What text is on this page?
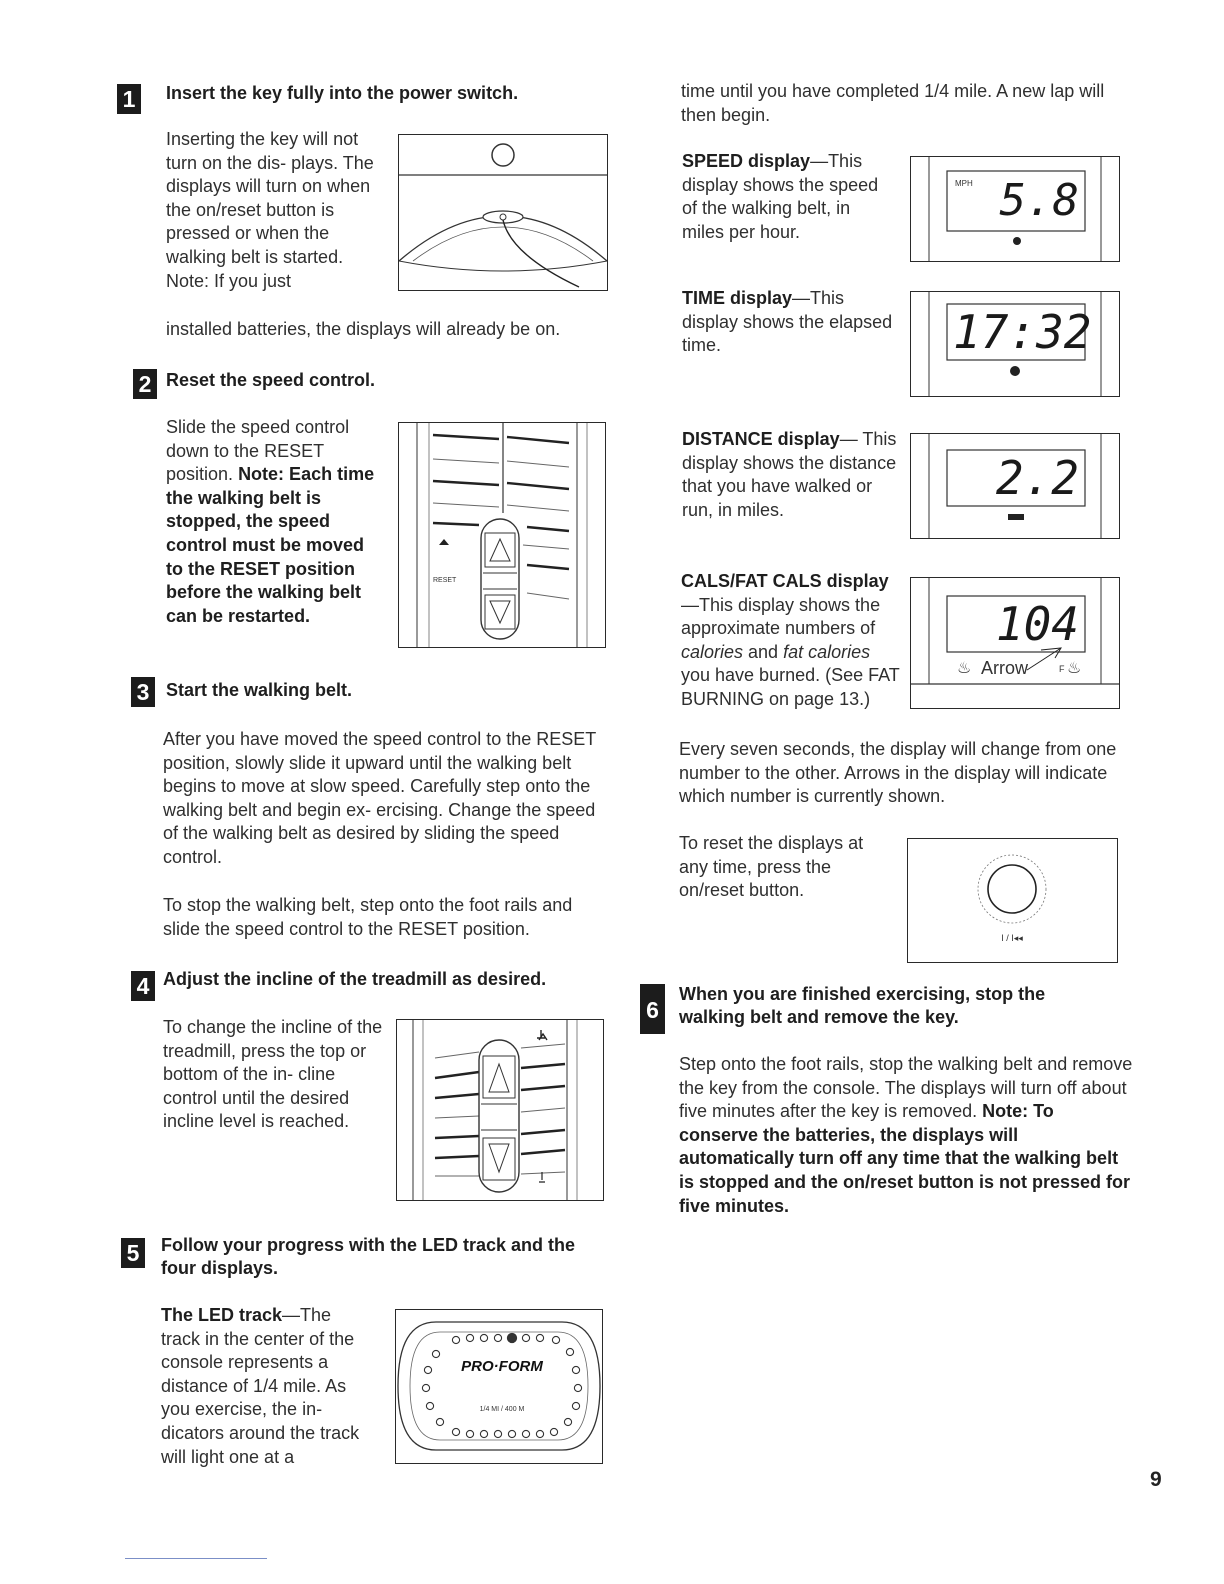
1	Insert the key fully into the power switch.
Inserting the key will not turn on the dis- plays. The displays will turn on when the on/reset button is pressed or when the walking belt is started. Note: If you just
installed batteries, the displays will already be on.
2 Reset the speed control.
Slide the speed control down to the RESET position. Note: Each time the walking belt is stopped, the speed control must be moved to the RESET position before the walking belt can be restarted.
RESET
3 Start the walking belt.
After you have moved the speed control to the RESET position, slowly slide it upward until the walking belt begins to move at slow speed. Carefully step onto the walking belt and begin ex- ercising. Change the speed of the walking belt as desired by sliding the speed control.
To stop the walking belt, step onto the foot rails and slide the speed control to the RESET position.
4 Adjust the incline of the treadmill as desired.
To change the incline of the treadmill, press the top or bottom of the in- cline control until the desired incline level is reached.
5	Follow your progress with the LED track and the four displays.
The LED track—The track in the center of the console represents a distance of 1/4 mile. As you exercise, the in- dicators around the track will light one at a
PRO·FORM
1/4 MI / 400 M
time until you have completed 1/4 mile. A new lap will then begin.
SPEED display—This display shows the speed of the walking belt, in miles per hour.
MPH 5.8
TIME display—This display shows the elapsed time.	17:32
DISTANCE display— This display shows the distance that you have walked or run, in miles.
2.2
CALS/FAT CALS display—This display shows the approximate numbers of calories and fat calories you have burned. (See FAT BURNING on page 13.)
104
♨ Arrow	F ♨
Every seven seconds, the display will change from one number to the other. Arrows in the display will indicate which number is currently shown.
To reset the displays at any time, press the on/reset button.
I / I◂◂
6
When you are finished exercising, stop the walking belt and remove the key.
Step onto the foot rails, stop the walking belt and remove the key from the console. The displays will turn off about five minutes after the key is removed. Note: To conserve the batteries, the displays will automatically turn off any time that the walking belt is stopped and the on/reset button is not pressed for five minutes.
9
